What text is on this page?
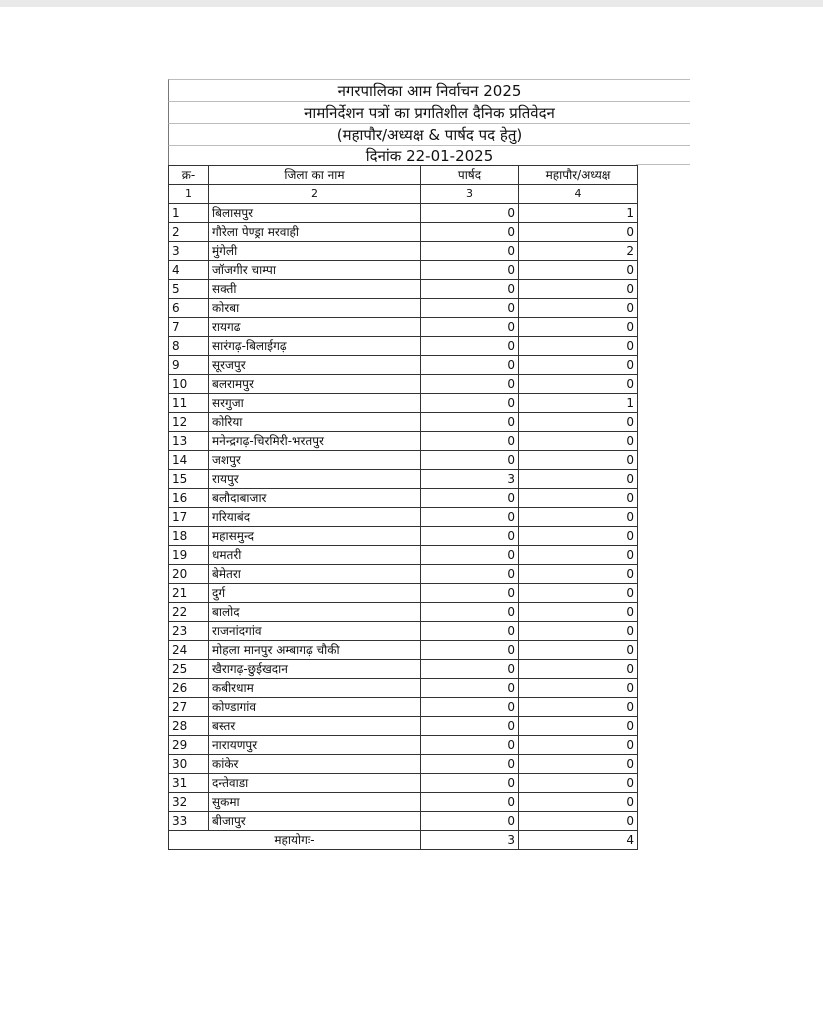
नगरपालिका आम निर्वाचन 2025
नामनिर्देशन पत्रों का प्रगतिशील दैनिक प्रतिवेदन
(महापौर/अध्यक्ष & पार्षद पद हेतु)
दिनांक 22-01-2025
क्र-	जिला का नाम	पार्षद	महापौर/अध्यक्ष
1	2	3	4
1	बिलासपुर	0	1
2	गौरेला पेण्ड्रा मरवाही	0	0
3	मुंगेली	0	2
4	जॉजगीर चाम्पा	0	0
5	सक्ती	0	0
6	कोरबा	0	0
7	रायगढ	0	0
8	सारंगढ़-बिलाईगढ़	0	0
9	सूरजपुर	0	0
10	बलरामपुर	0	0
11	सरगुजा	0	1
12	कोरिया	0	0
13	मनेन्द्रगढ़-चिरमिरी-भरतपुर	0	0
14	जशपुर	0	0
15	रायपुर	3	0
16	बलौदाबाजार	0	0
17	गरियाबंद	0	0
18	महासमुन्द	0	0
19	धमतरी	0	0
20	बेमेतरा	0	0
21	दुर्ग	0	0
22	बालोद	0	0
23	राजनांदगांव	0	0
24	मोहला मानपुर अम्बागढ़ चौकी	0	0
25	खैरागढ़-छुईखदान	0	0
26	कबीरधाम	0	0
27	कोण्डागांव	0	0
28	बस्तर	0	0
29	नारायणपुर	0	0
30	कांकेर	0	0
31	दन्तेवाडा	0	0
32	सुकमा	0	0
33	बीजापुर	0	0
महायोगः-		3	4
